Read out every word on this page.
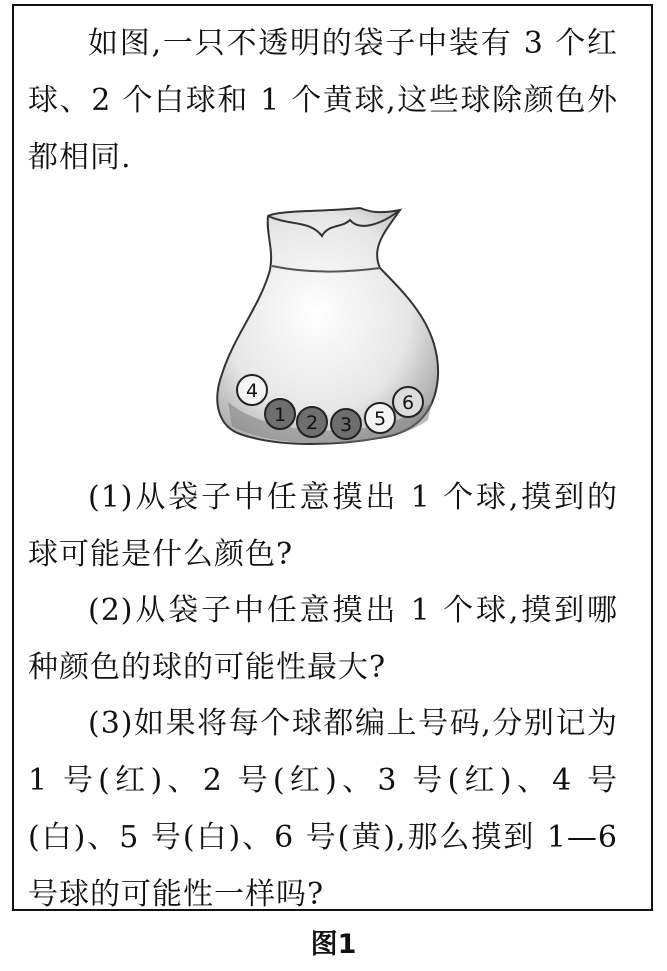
如图,一只不透明的袋子中装有 3 个红球、2 个白球和 1 个黄球,这些球除颜色外都相同.

4
1 2 3 5
6

(1)从袋子中任意摸出 1 个球,摸到的球可能是什么颜色?

(2)从袋子中任意摸出 1 个球,摸到哪种颜色的球的可能性最大?

(3)如果将每个球都编上号码,分别记为 1 号(红)、2 号(红)、3 号(红)、4 号(白)、5 号(白)、6 号(黄),那么摸到 1—6 号球的可能性一样吗?

图1
